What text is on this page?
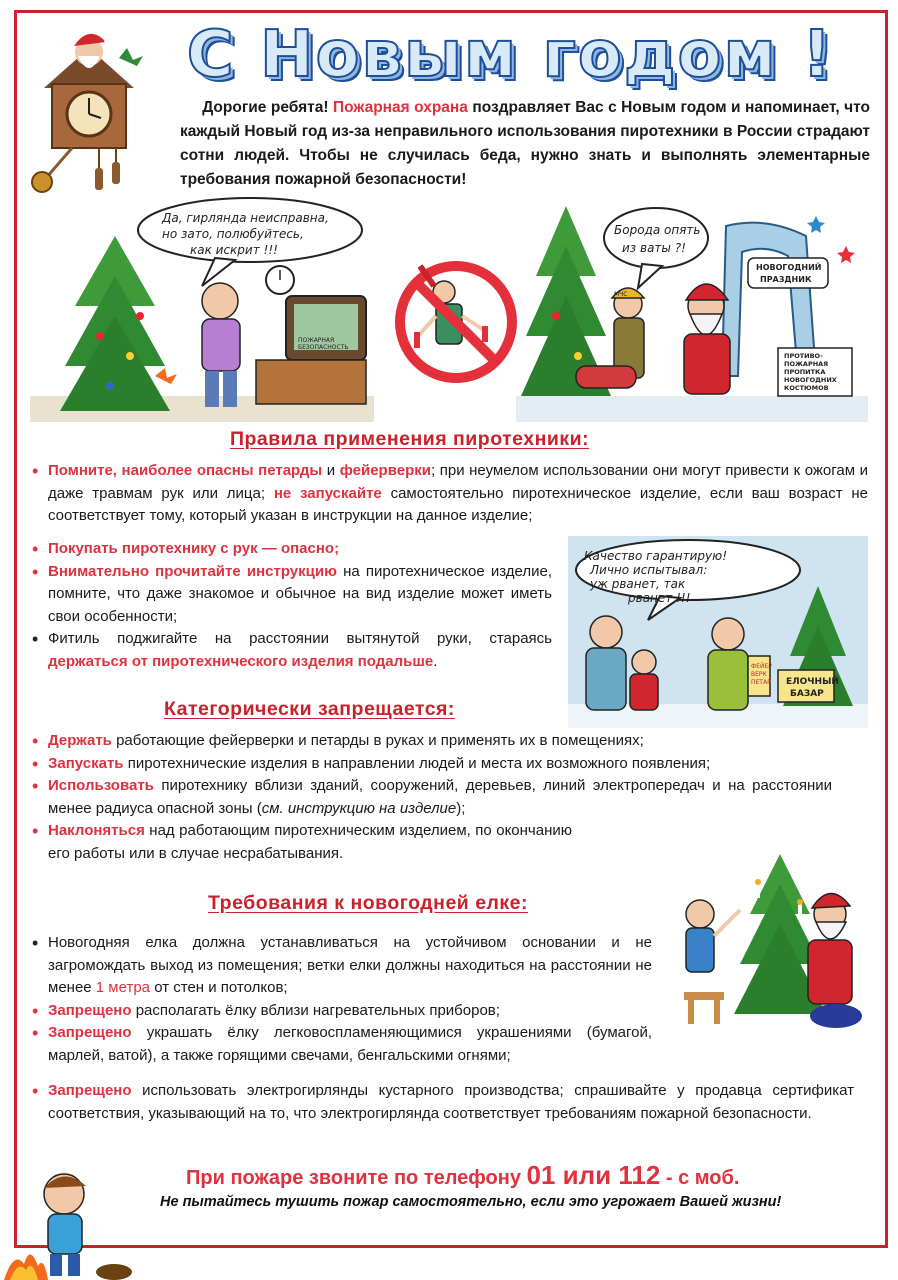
С Новым годом !
Дорогие ребята! Пожарная охрана поздравляет Вас с Новым годом и напоминает, что каждый Новый год из-за неправильного использования пиротехники в России страдают сотни людей. Чтобы не случилась беда, нужно знать и выполнять элементарные требования пожарной безопасности!
Да, гирлянда неисправна,
но зато, полюбуйтесь,
как искрит !!!
ПОЖАРНАЯ
БЕЗОПАСНОСТЬ
Борода опять
из ваты ?!
НОВОГОДНИЙ
ПРАЗДНИК
МЧС
ПРОТИВО-
ПОЖАРНАЯ
ПРОПИТКА
НОВОГОДНИХ
КОСТЮМОВ
Правила применения пиротехники:
• Помните, наиболее опасны петарды и фейерверки; при неумелом использовании они могут привести к ожогам и даже травмам рук или лица; не запускайте самостоятельно пиротехническое изделие, если ваш возраст не соответствует тому, который указан в инструкции на данное изделие;
• Покупать пиротехнику с рук — опасно;
• Внимательно прочитайте инструкцию на пиротехническое изделие, помните, что даже знакомое и обычное на вид изделие может иметь свои особенности;
• Фитиль поджигайте на расстоянии вытянутой руки, стараясь держаться от пиротехнического изделия подальше.
Качество гарантирую!
Лично испытывал:
уж рванет, так
рванет !!!
ФЕЙЕР
ВЕРК
ПЕТАР ЕЛОЧНЫЙ
БАЗАР
Категорически запрещается:
• Держать работающие фейерверки и петарды в руках и применять их в помещениях;
• Запускать пиротехнические изделия в направлении людей и места их возможного появления;
• Использовать пиротехнику вблизи зданий, сооружений, деревьев, линий электропередач и на расстоянии менее радиуса опасной зоны (см. инструкцию на изделие);
• Наклоняться над работающим пиротехническим изделием, по окончанию его работы или в случае несрабатывания.
Требования к новогодней елке:
• Новогодняя елка должна устанавливаться на устойчивом основании и не загромождать выход из помещения; ветки елки должны находиться на расстоянии не менее 1 метра от стен и потолков;
• Запрещено располагать ёлку вблизи нагревательных приборов;
• Запрещено украшать ёлку легковоспламеняющимися украшениями (бумагой, марлей, ватой), а также горящими свечами, бенгальскими огнями;
• Запрещено использовать электрогирлянды кустарного производства; спрашивайте у продавца сертификат соответствия, указывающий на то, что электрогирлянда соответствует требованиям пожарной безопасности.
При пожаре звоните по телефону 01 или 112 - с моб.
Не пытайтесь тушить пожар самостоятельно, если это угрожает Вашей жизни!
